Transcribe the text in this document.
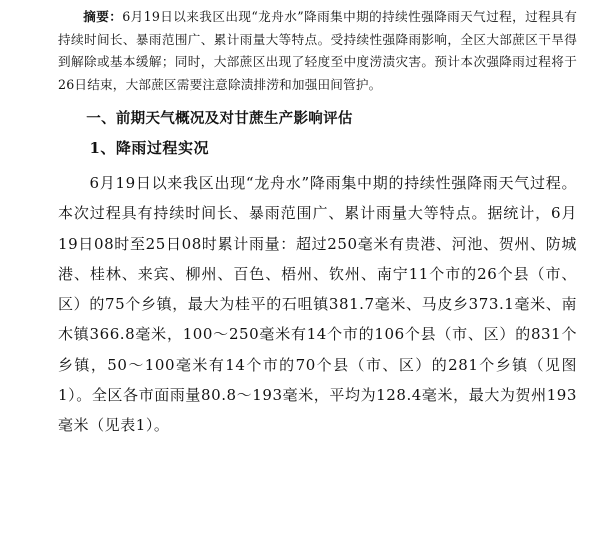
摘要：6月19日以来我区出现“龙舟水”降雨集中期的持续性强降雨天气过程，过程具有持续时间长、暴雨范围广、累计雨量大等特点。受持续性强降雨影响，全区大部蔗区干旱得到解除或基本缓解；同时，大部蔗区出现了轻度至中度涝渍灾害。预计本次强降雨过程将于26日结束，大部蔗区需要注意除渍排涝和加强田间管护。

一、前期天气概况及对甘蔗生产影响评估
1、降雨过程实况

6月19日以来我区出现“龙舟水”降雨集中期的持续性强降雨天气过程。本次过程具有持续时间长、暴雨范围广、累计雨量大等特点。据统计，6月19日08时至25日08时累计雨量：超过250毫米有贵港、河池、贺州、防城港、桂林、来宾、柳州、百色、梧州、钦州、南宁11个市的26个县（市、区）的75个乡镇，最大为桂平的石咀镇381.7毫米、马皮乡373.1毫米、南木镇366.8毫米，100～250毫米有14个市的106个县（市、区）的831个乡镇，50～100毫米有14个市的70个县（市、区）的281个乡镇（见图1）。全区各市面雨量80.8～193毫米，平均为128.4毫米，最大为贺州193毫米（见表1）。
